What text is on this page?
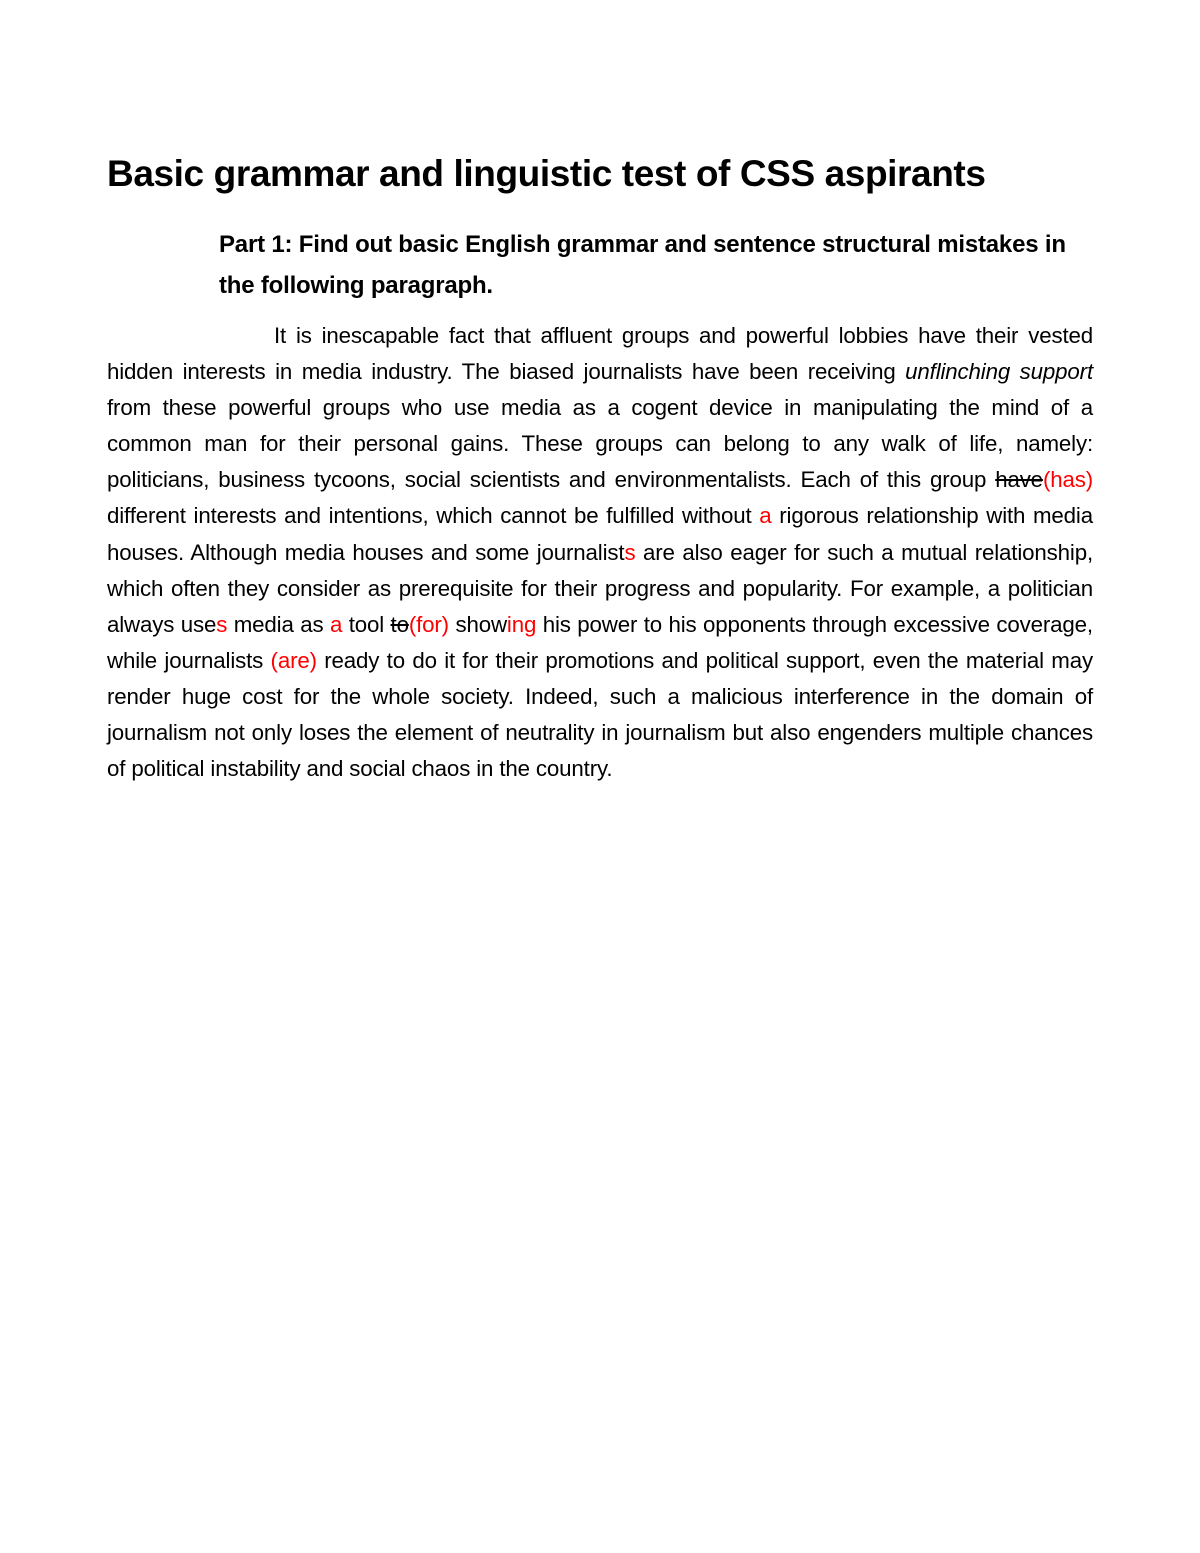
Basic grammar and linguistic test of CSS aspirants
Part 1: Find out basic English grammar and sentence structural mistakes in the following paragraph.

It is inescapable fact that affluent groups and powerful lobbies have their vested hidden interests in media industry. The biased journalists have been receiving unflinching support from these powerful groups who use media as a cogent device in manipulating the mind of a common man for their personal gains. These groups can belong to any walk of life, namely: politicians, business tycoons, social scientists and environmentalists. Each of this group have(has) different interests and intentions, which cannot be fulfilled without a rigorous relationship with media houses. Although media houses and some journalists are also eager for such a mutual relationship, which often they consider as prerequisite for their progress and popularity. For example, a politician always uses media as a tool to(for) showing his power to his opponents through excessive coverage, while journalists (are) ready to do it for their promotions and political support, even the material may render huge cost for the whole society. Indeed, such a malicious interference in the domain of journalism not only loses the element of neutrality in journalism but also engenders multiple chances of political instability and social chaos in the country.
